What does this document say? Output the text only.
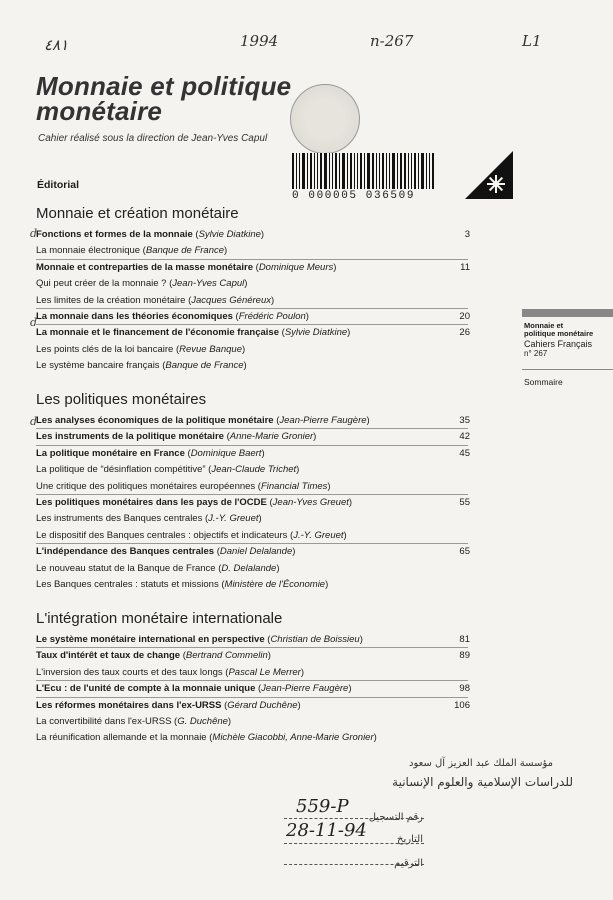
٤٨١	1994	n-267	L1
Monnaie et politique
monétaire
Cahier réalisé sous la direction de Jean-Yves Capul
Éditorial
0 000005 036509
Monnaie et création monétaire
Fonctions et formes de la monnaie (Sylvie Diatkine)	3
La monnaie électronique (Banque de France)
Monnaie et contreparties de la masse monétaire (Dominique Meurs)	11
Qui peut créer de la monnaie ? (Jean-Yves Capul)
Les limites de la création monétaire (Jacques Généreux)
La monnaie dans les théories économiques (Frédéric Poulon)	20
La monnaie et le financement de l'économie française (Sylvie Diatkine)	26
Les points clés de la loi bancaire (Revue Banque)
Le système bancaire français (Banque de France)
Les politiques monétaires
Les analyses économiques de la politique monétaire (Jean-Pierre Faugère)	35
Les instruments de la politique monétaire (Anne-Marie Gronier)	42
La politique monétaire en France (Dominique Baert)	45
La politique de “désinflation compétitive” (Jean-Claude Trichet)
Une critique des politiques monétaires européennes (Financial Times)
Les politiques monétaires dans les pays de l'OCDE (Jean-Yves Greuet)	55
Les instruments des Banques centrales (J.-Y. Greuet)
Le dispositif des Banques centrales : objectifs et indicateurs (J.-Y. Greuet)
L'indépendance des Banques centrales (Daniel Delalande)	65
Le nouveau statut de la Banque de France (D. Delalande)
Les Banques centrales : statuts et missions (Ministère de l'Économie)
L'intégration monétaire internationale
Le système monétaire international en perspective (Christian de Boissieu)	81
Taux d'intérêt et taux de change (Bertrand Commelin)	89
L'inversion des taux courts et des taux longs (Pascal Le Merrer)
L'Ecu : de l'unité de compte à la monnaie unique (Jean-Pierre Faugère)	98
Les réformes monétaires dans l'ex-URSS (Gérard Duchêne)	106
La convertibilité dans l'ex-URSS (G. Duchêne)
La réunification allemande et la monnaie (Michèle Giacobbi, Anne-Marie Gronier)
d
d
d
Monnaie et
politique monétaire
Cahiers Français
n° 267
Sommaire
مؤسسة الملك عبد العزيز آل سعود
للدراسات الإسلامية والعلوم الإنسانية
رقم التسجيل
559-P
التاريخ
28-11-94
الترقيم
